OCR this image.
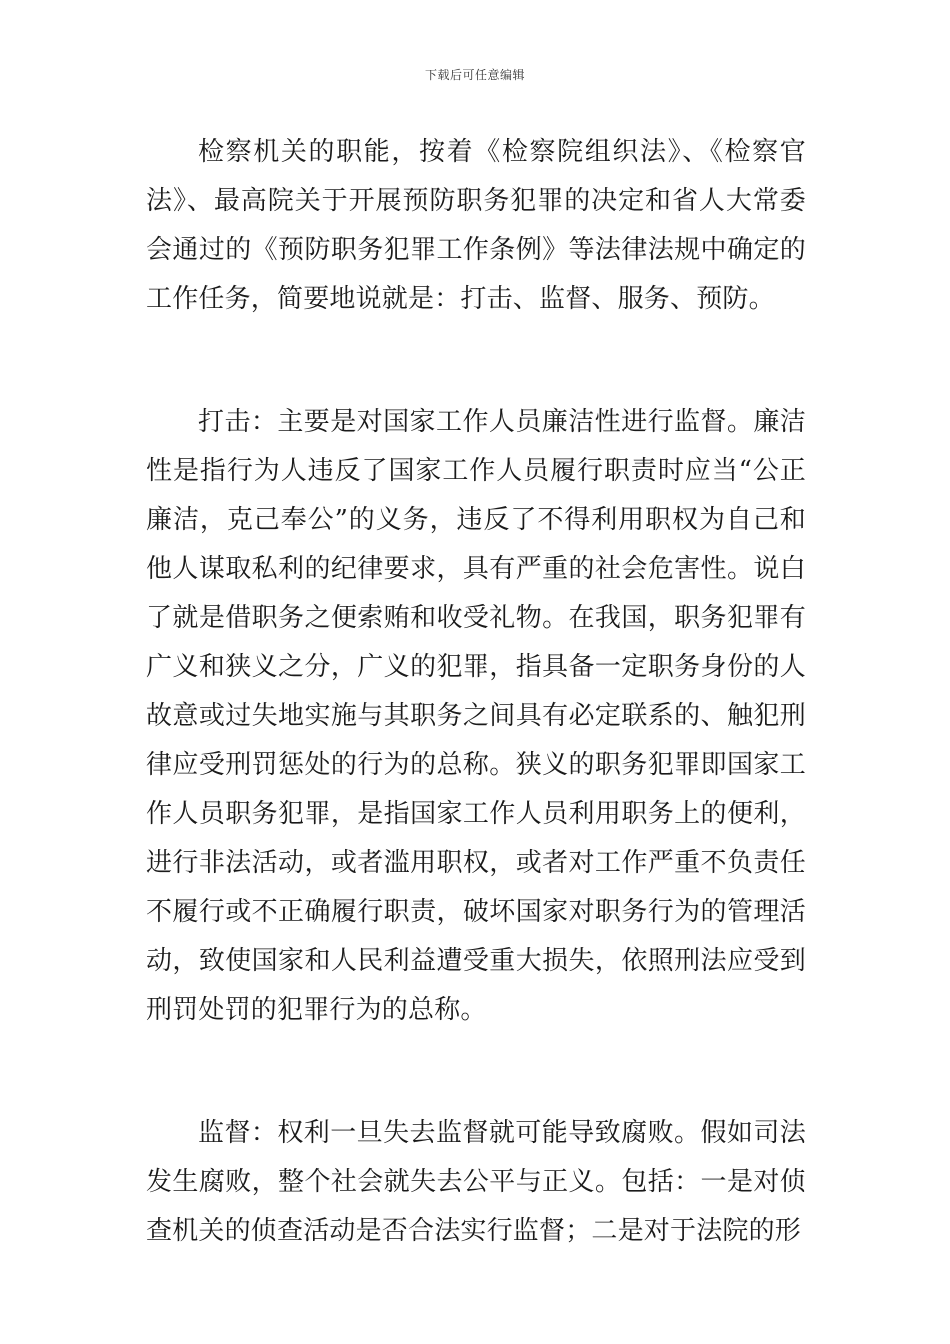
下载后可任意编辑

检察机关的职能，按着《检察院组织法》、《检察官法》、最高院关于开展预防职务犯罪的决定和省人大常委会通过的《预防职务犯罪工作条例》等法律法规中确定的工作任务，简要地说就是：打击、监督、服务、预防。

打击：主要是对国家工作人员廉洁性进行监督。廉洁性是指行为人违反了国家工作人员履行职责时应当“公正廉洁，克己奉公”的义务，违反了不得利用职权为自己和他人谋取私利的纪律要求，具有严重的社会危害性。说白了就是借职务之便索贿和收受礼物。在我国，职务犯罪有广义和狭义之分，广义的犯罪，指具备一定职务身份的人故意或过失地实施与其职务之间具有必定联系的、触犯刑律应受刑罚惩处的行为的总称。狭义的职务犯罪即国家工作人员职务犯罪，是指国家工作人员利用职务上的便利，进行非法活动，或者滥用职权，或者对工作严重不负责任不履行或不正确履行职责，破坏国家对职务行为的管理活动，致使国家和人民利益遭受重大损失，依照刑法应受到刑罚处罚的犯罪行为的总称。

监督：权利一旦失去监督就可能导致腐败。假如司法发生腐败，整个社会就失去公平与正义。包括：一是对侦查机关的侦查活动是否合法实行监督；二是对于法院的形
